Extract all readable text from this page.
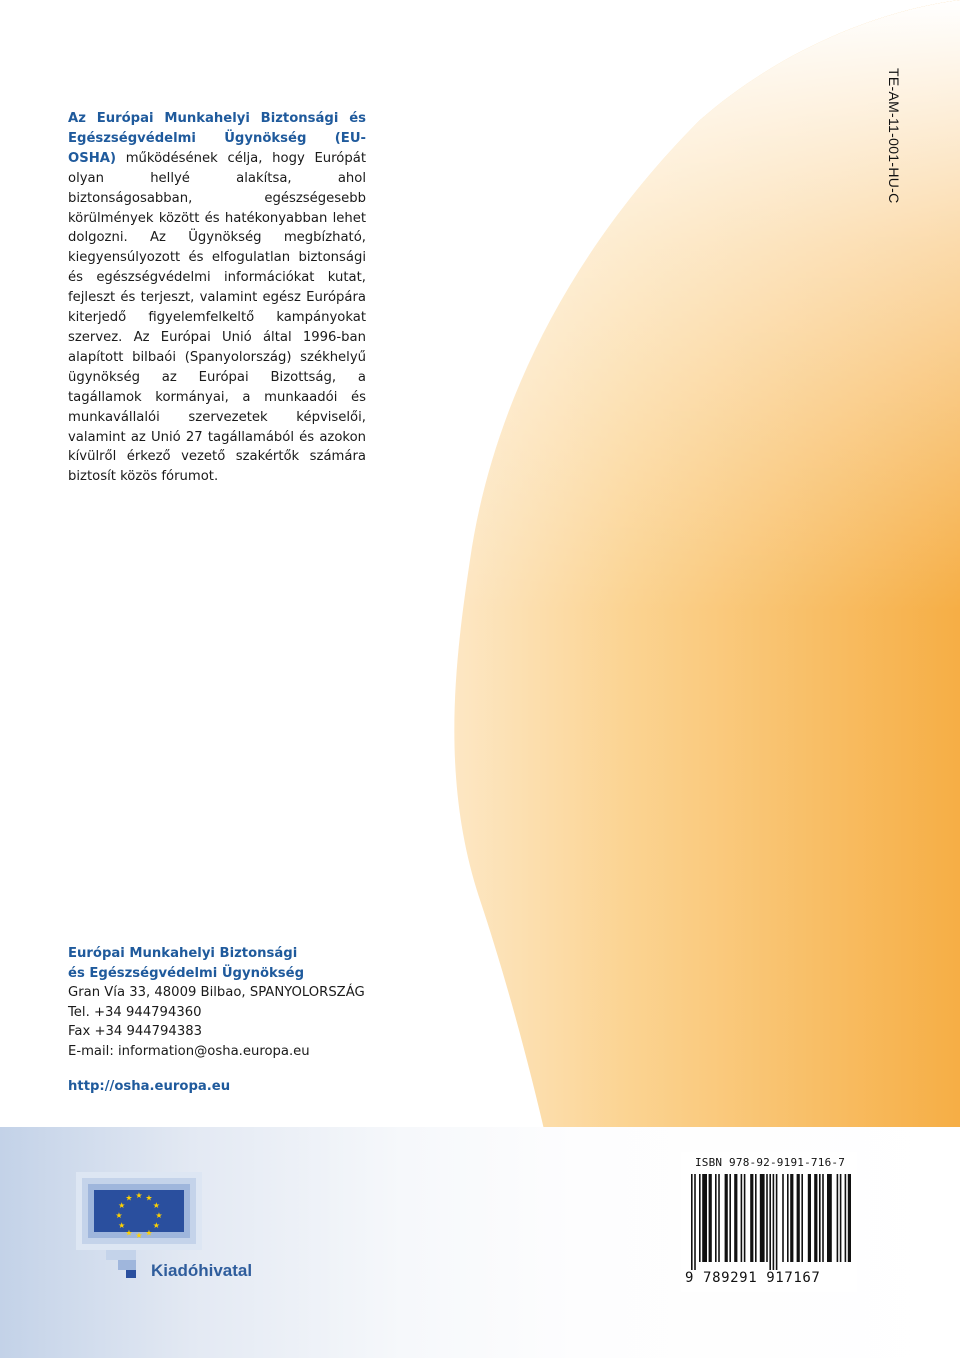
TE-AM-11-001-HU-C
Az Európai Munkahelyi Biztonsági és Egészségvédelmi Ügynökség (EU-OSHA) működésének célja, hogy Európát olyan hellyé alakítsa, ahol biztonságosabban, egészségesebb körülmények között és hatékonyabban lehet dolgozni. Az Ügynökség megbízható, kiegyensúlyozott és elfogulatlan biztonsági és egészségvédelmi információkat kutat, fejleszt és terjeszt, valamint egész Európára kiterjedő figyelemfelkeltő kampányokat szervez. Az Európai Unió által 1996-ban alapított bilbaói (Spanyolország) székhelyű ügynökség az Európai Bizottság, a tagállamok kormányai, a munkaadói és munkavállalói szervezetek képviselői, valamint az Unió 27 tagállamából és azokon kívülről érkező vezető szakértők számára biztosít közös fórumot.
Európai Munkahelyi Biztonsági
és Egészségvédelmi Ügynökség
Gran Vía 33, 48009 Bilbao, SPANYOLORSZÁG
Tel. +34 944794360
Fax +34 944794383
E-mail: information@osha.europa.eu
http://osha.europa.eu
★ ★
★
★
★
★
★
★
★
★
★
★
Kiadóhivatal
ISBN 978-92-9191-716-7
9 789291 917167
